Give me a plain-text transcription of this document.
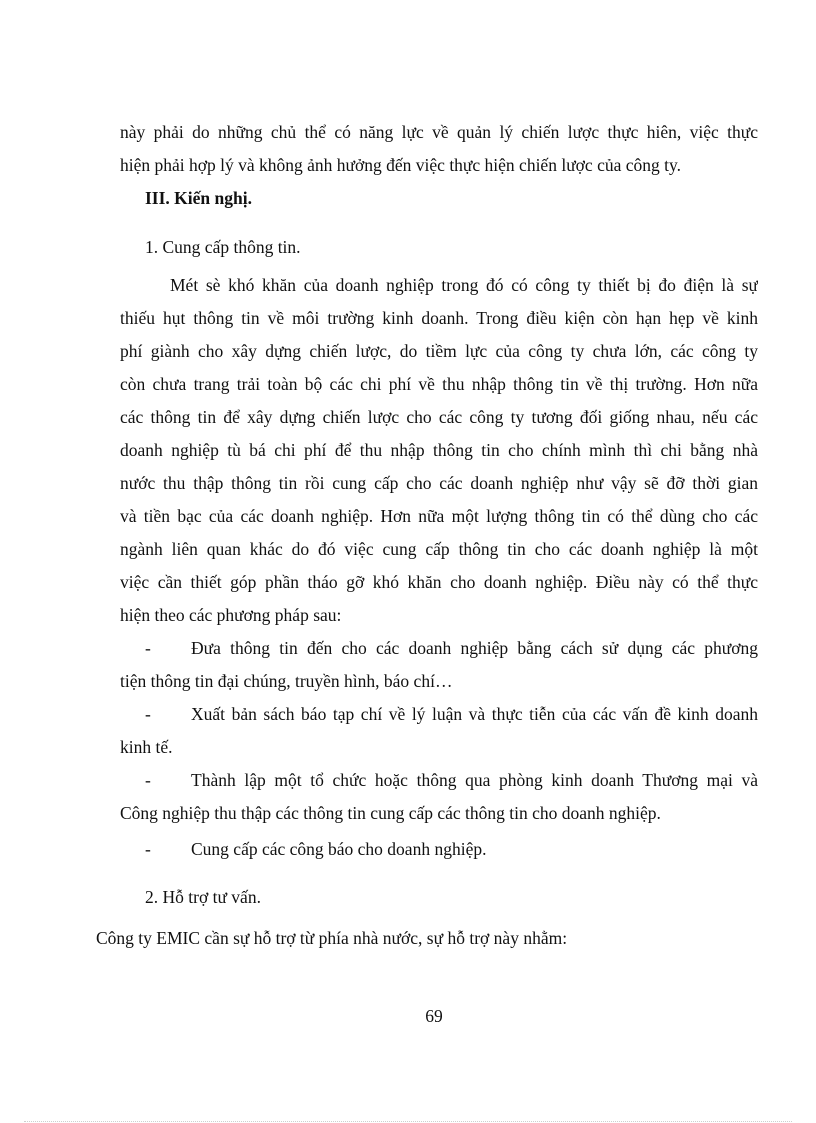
này phải do những chủ thể có năng lực về quản lý chiến lược thực hiên, việc thực
hiện phải hợp lý và không ảnh hưởng đến việc thực hiện chiến lược của công ty.
III. Kiến nghị.
1. Cung cấp thông tin.
Mét sè khó khăn của doanh nghiệp trong đó có công ty thiết bị đo điện là sự
thiếu hụt thông tin về môi trường kinh doanh. Trong điều kiện còn hạn hẹp về kinh
phí giành cho xây dựng chiến lược, do tiềm lực của công ty chưa lớn, các công ty
còn chưa trang trải toàn bộ các chi phí về thu nhập thông tin về thị trường. Hơn nữa
các thông tin để xây dựng chiến lược cho các công ty tương đối giống nhau, nếu các
doanh nghiệp tù bá chi phí để thu nhập thông tin cho chính mình thì chi bằng nhà
nước thu thập thông tin rồi cung cấp cho các doanh nghiệp như vậy sẽ đỡ thời gian
và tiền bạc của các doanh nghiệp. Hơn nữa một lượng thông tin có thể dùng cho các
ngành liên quan khác do đó việc cung cấp thông tin cho các doanh nghiệp là một
việc cần thiết góp phần tháo gỡ khó khăn cho doanh nghiệp. Điều này có thể thực
hiện theo các phương pháp sau:
- Đưa thông tin đến cho các doanh nghiệp bằng cách sử dụng các phương
tiện thông tin đại chúng, truyền hình, báo chí…
- Xuất bản sách báo tạp chí về lý luận và thực tiễn của các vấn đề kinh doanh
kinh tế.
- Thành lập một tổ chức hoặc thông qua phòng kinh doanh Thương mại và
Công nghiệp thu thập các thông tin cung cấp các thông tin cho doanh nghiệp.
- Cung cấp các công báo cho doanh nghiệp.
2. Hỗ trợ tư vấn.
Công ty EMIC cần sự hỗ trợ từ phía nhà nước, sự hỗ trợ này nhằm:
69
